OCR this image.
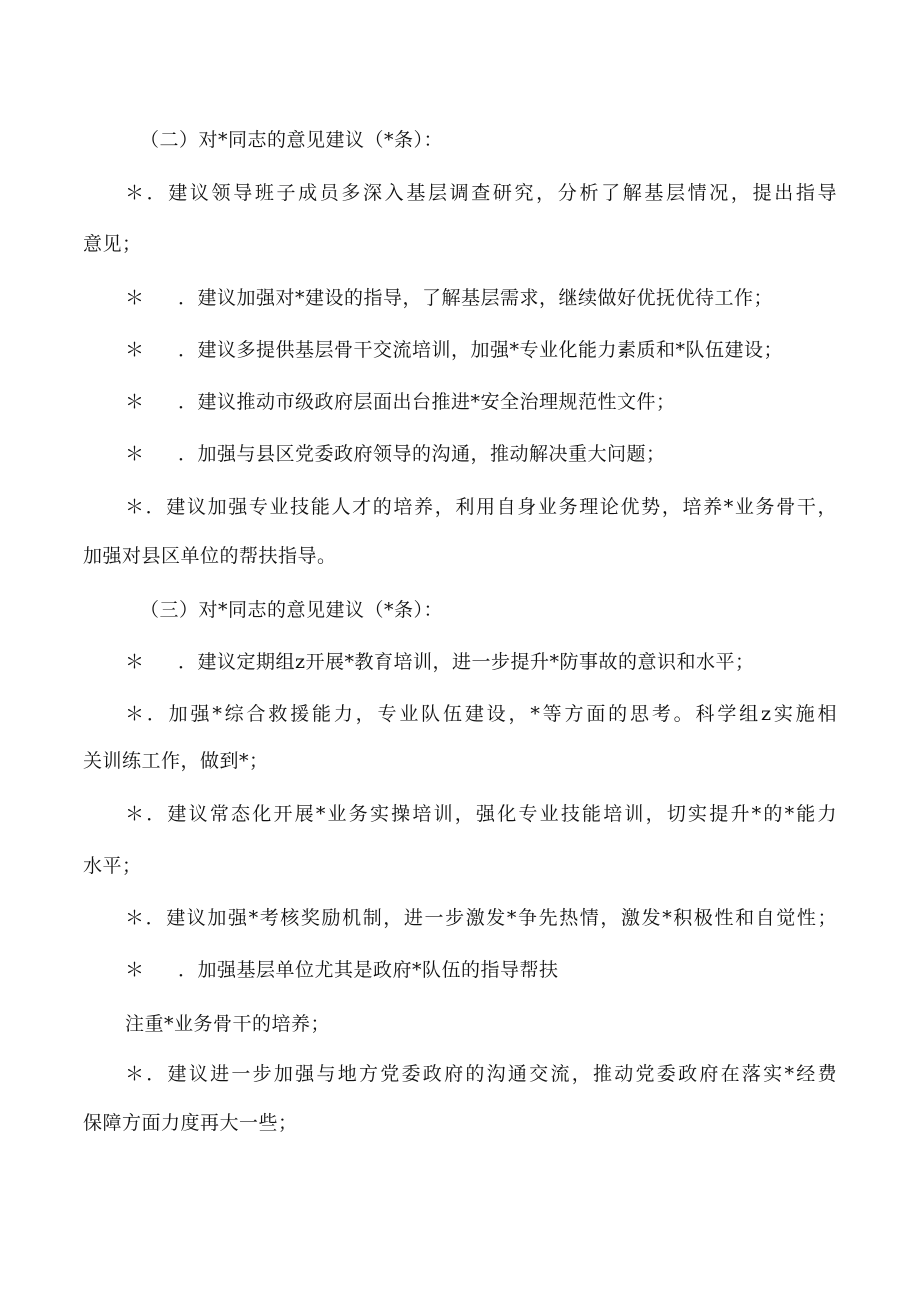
（二）对*同志的意见建议（*条）：
＊．建议领导班子成员多深入基层调查研究，分析了解基层情况，提出指导
意见；
＊ ．建议加强对*建设的指导，了解基层需求，继续做好优抚优待工作；
＊ ．建议多提供基层骨干交流培训，加强*专业化能力素质和*队伍建设；
＊ ．建议推动市级政府层面出台推进*安全治理规范性文件；
＊ ．加强与县区党委政府领导的沟通，推动解决重大问题；
＊．建议加强专业技能人才的培养，利用自身业务理论优势，培养*业务骨干，
加强对县区单位的帮扶指导。
（三）对*同志的意见建议（*条）：
＊ ．建议定期组z开展*教育培训，进一步提升*防事故的意识和水平；
＊．加强*综合救援能力，专业队伍建设，*等方面的思考。科学组z实施相
关训练工作，做到*；
＊．建议常态化开展*业务实操培训，强化专业技能培训，切实提升*的*能力
水平；
＊．建议加强*考核奖励机制，进一步激发*争先热情，激发*积极性和自觉性；
＊ ．加强基层单位尤其是政府*队伍的指导帮扶
注重*业务骨干的培养；
＊．建议进一步加强与地方党委政府的沟通交流，推动党委政府在落实*经费
保障方面力度再大一些；
